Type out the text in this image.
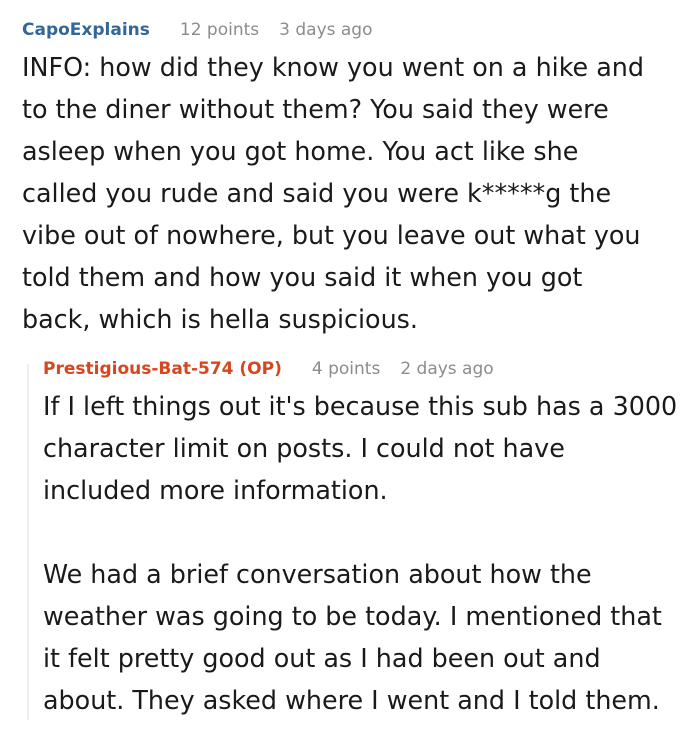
CapoExplains 12 points 3 days ago

INFO: how did they know you went on a hike and
to the diner without them? You said they were
asleep when you got home. You act like she
called you rude and said you were k*****g the
vibe out of nowhere, but you leave out what you
told them and how you said it when you got
back, which is hella suspicious.

Prestigious-Bat-574 (OP) 4 points 2 days ago

If I left things out it's because this sub has a 3000
character limit on posts. I could not have
included more information.

We had a brief conversation about how the
weather was going to be today. I mentioned that
it felt pretty good out as I had been out and
about. They asked where I went and I told them.
